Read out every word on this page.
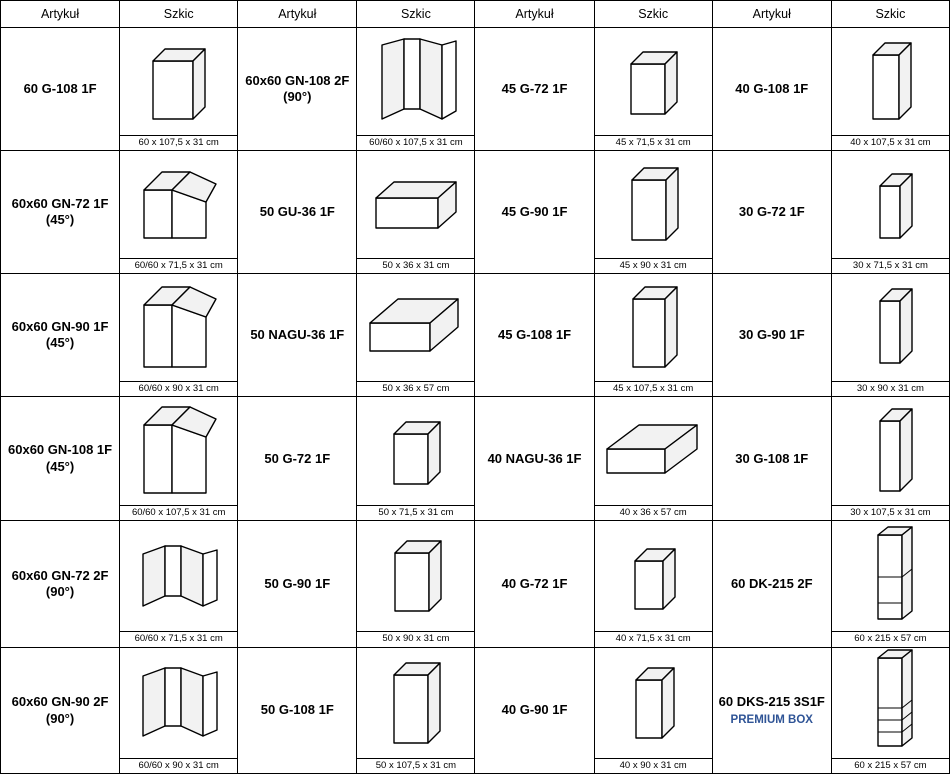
Artykuł	Szkic	Artykuł	Szkic	Artykuł	Szkic	Artykuł	Szkic
60 G-108 1F	60 x 107,5 x 31 cm	60x60 GN-108 2F (90°)	60/60 x 107,5 x 31 cm	45 G-72 1F	45 x 71,5 x 31 cm	40 G-108 1F	40 x 107,5 x 31 cm

60x60 GN-72 1F (45°)	60/60 x 71,5 x 31 cm	50 GU-36 1F	50 x 36 x 31 cm	45 G-90 1F	45 x 90 x 31 cm	30 G-72 1F	30 x 71,5 x 31 cm

60x60 GN-90 1F (45°)	60/60 x 90 x 31 cm	50 NAGU-36 1F	50 x 36 x 57 cm	45 G-108 1F	45 x 107,5 x 31 cm	30 G-90 1F	30 x 90 x 31 cm

60x60 GN-108 1F (45°)	60/60 x 107,5 x 31 cm	50 G-72 1F	50 x 71,5 x 31 cm	40 NAGU-36 1F	40 x 36 x 57 cm	30 G-108 1F	30 x 107,5 x 31 cm

60x60 GN-72 2F (90°)	60/60 x 71,5 x 31 cm	50 G-90 1F	50 x 90 x 31 cm	40 G-72 1F	40 x 71,5 x 31 cm	60 DK-215 2F	60 x 215 x 57 cm

60x60 GN-90 2F (90°)	60/60 x 90 x 31 cm	50 G-108 1F	50 x 107,5 x 31 cm	40 G-90 1F	40 x 90 x 31 cm	60 DKS-215 3S1F
PREMIUM BOX	60 x 215 x 57 cm
